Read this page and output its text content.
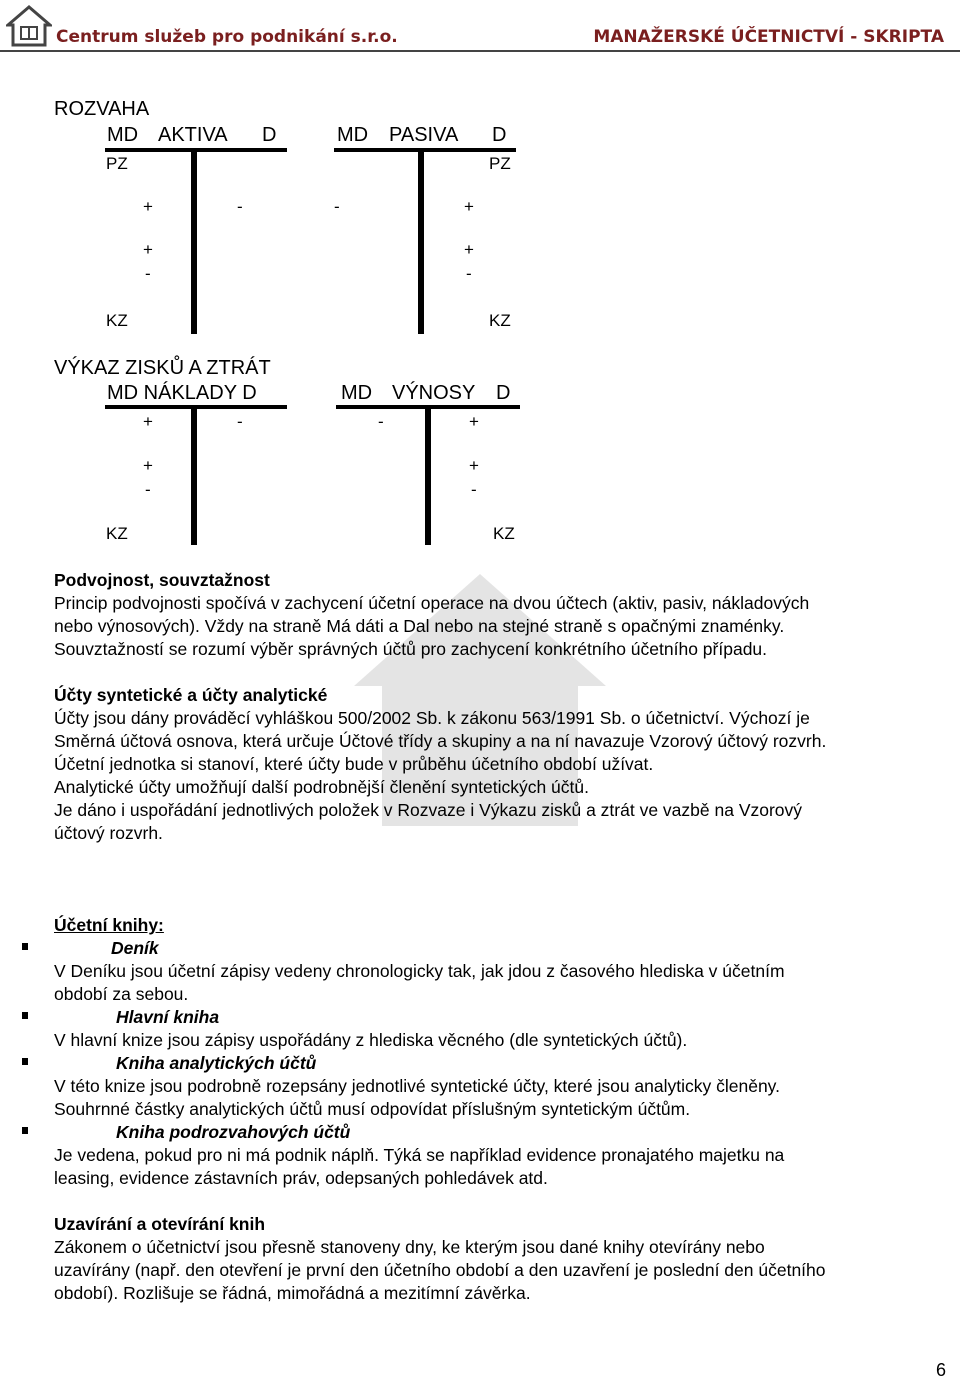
Centrum služeb pro podnikání s.r.o.	MANAŽERSKÉ ÚČETNICTVÍ - SKRIPTA
ROZVAHA
MD AKTIVA D
PZ
+	-
+
-
KZ
MD PASIVA D
PZ
-	+
+
-
KZ
VÝKAZ ZISKŮ A ZTRÁT
MD NÁKLADY D
+	-
+
-
KZ
MD VÝNOSY D
-	+
+
-
KZ
Podvojnost, souvztažnost
Princip podvojnosti spočívá v zachycení účetní operace na dvou účtech (aktiv, pasiv, nákladových
nebo výnosových). Vždy na straně Má dáti a Dal nebo na stejné straně s opačnými znaménky.
Souvztažností se rozumí výběr správných účtů pro zachycení konkrétního účetního případu.
Účty syntetické a účty analytické
Účty jsou dány prováděcí vyhláškou 500/2002 Sb. k zákonu 563/1991 Sb. o účetnictví. Výchozí je
Směrná účtová osnova, která určuje Účtové třídy a skupiny a na ní navazuje Vzorový účtový rozvrh.
Účetní jednotka si stanoví, které účty bude v průběhu účetního období užívat.
Analytické účty umožňují další podrobnější členění syntetických účtů.
Je dáno i uspořádání jednotlivých položek v Rozvaze i Výkazu zisků a ztrát ve vazbě na Vzorový
účtový rozvrh.
Účetní knihy:
Deník
V Deníku jsou účetní zápisy vedeny chronologicky tak, jak jdou z časového hlediska v účetním
období za sebou.
Hlavní kniha
V hlavní knize jsou zápisy uspořádány z hlediska věcného (dle syntetických účtů).
Kniha analytických účtů
V této knize jsou podrobně rozepsány jednotlivé syntetické účty, které jsou analyticky členěny.
Souhrnné částky analytických účtů musí odpovídat příslušným syntetickým účtům.
Kniha podrozvahových účtů
Je vedena, pokud pro ni má podnik náplň. Týká se například evidence pronajatého majetku na
leasing, evidence zástavních práv, odepsaných pohledávek atd.
Uzavírání a otevírání knih
Zákonem o účetnictví jsou přesně stanoveny dny, ke kterým jsou dané knihy otevírány nebo
uzavírány (např. den otevření je první den účetního období a den uzavření je poslední den účetního
období). Rozlišuje se řádná, mimořádná a mezitímní závěrka.
6
